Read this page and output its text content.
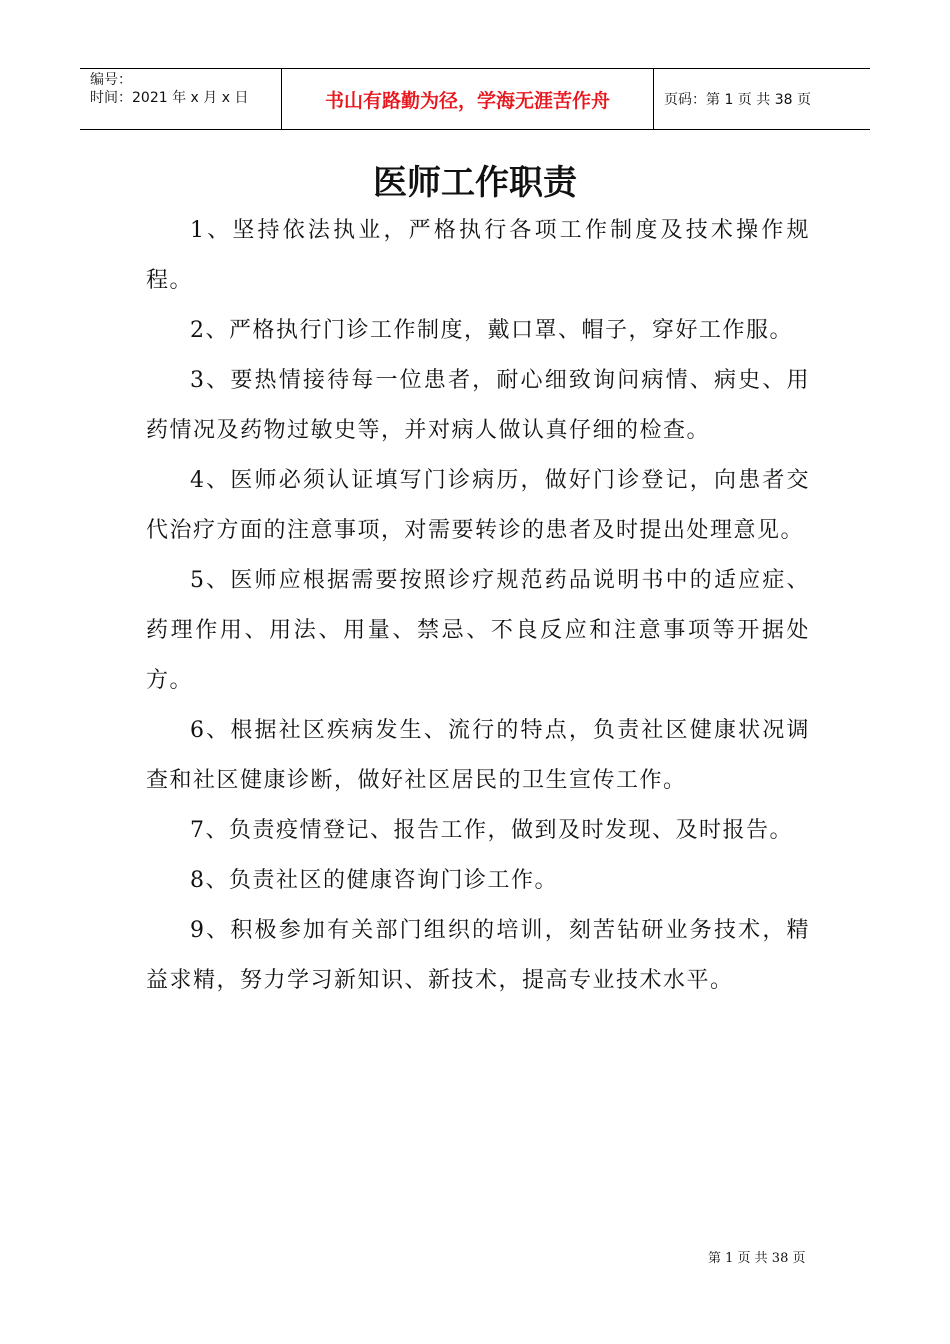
编号：
时间：2021 年 x 月 x 日	书山有路勤为径，学海无涯苦作舟	页码：第 1 页 共 38 页
医师工作职责

1、坚持依法执业，严格执行各项工作制度及技术操作规程。

2、严格执行门诊工作制度，戴口罩、帽子，穿好工作服。

3、要热情接待每一位患者，耐心细致询问病情、病史、用药情况及药物过敏史等，并对病人做认真仔细的检查。

4、医师必须认证填写门诊病历，做好门诊登记，向患者交代治疗方面的注意事项，对需要转诊的患者及时提出处理意见。

5、医师应根据需要按照诊疗规范药品说明书中的适应症、药理作用、用法、用量、禁忌、不良反应和注意事项等开据处方。

6、根据社区疾病发生、流行的特点，负责社区健康状况调查和社区健康诊断，做好社区居民的卫生宣传工作。

7、负责疫情登记、报告工作，做到及时发现、及时报告。

8、负责社区的健康咨询门诊工作。

9、积极参加有关部门组织的培训，刻苦钻研业务技术，精益求精，努力学习新知识、新技术，提高专业技术水平。

第 1 页 共 38 页
